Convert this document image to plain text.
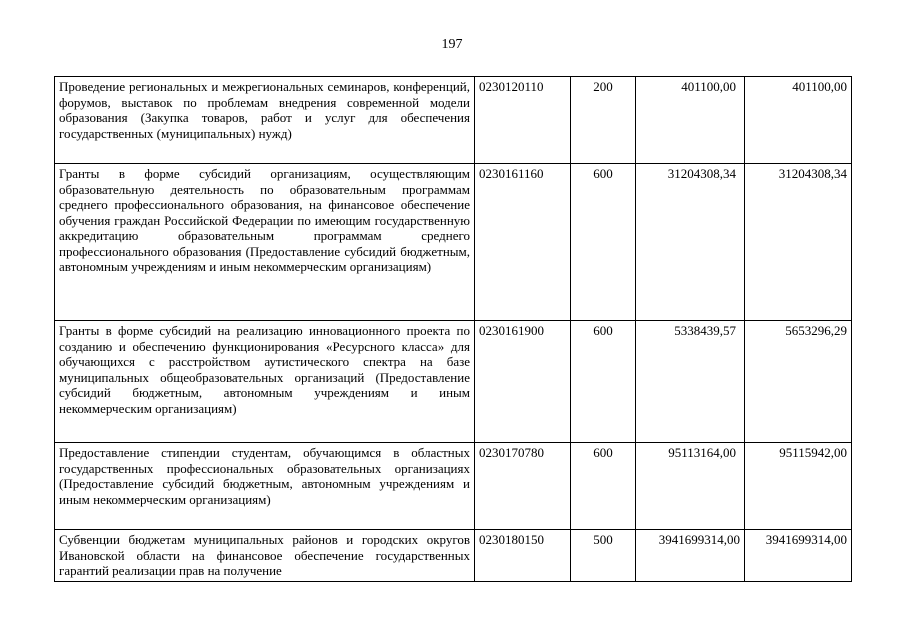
197
Проведение региональных и межрегиональных семинаров, конференций, форумов, выставок по проблемам внедрения современной модели образования (Закупка товаров, работ и услуг для обеспечения государственных (муниципальных) нужд)	0230120110	200	401100,00	401100,00
Гранты в форме субсидий организациям, осуществляющим образовательную деятельность по образовательным программам среднего профессионального образования, на финансовое обеспечение обучения граждан Российской Федерации по имеющим государственную аккредитацию образовательным программам среднего профессионального образования (Предоставление субсидий бюджетным, автономным учреждениям и иным некоммерческим организациям)	0230161160	600	31204308,34	31204308,34
Гранты в форме субсидий на реализацию инновационного проекта по созданию и обеспечению функционирования «Ресурсного класса» для обучающихся с расстройством аутистического спектра на базе муниципальных общеобразовательных организаций (Предоставление субсидий бюджетным, автономным учреждениям и иным некоммерческим организациям)	0230161900	600	5338439,57	5653296,29
Предоставление стипендии студентам, обучающимся в областных государственных профессиональных образовательных организациях (Предоставление субсидий бюджетным, автономным учреждениям и иным некоммерческим организациям)	0230170780	600	95113164,00	95115942,00
Субвенции бюджетам муниципальных районов и городских округов Ивановской области на финансовое обеспечение государственных гарантий реализации прав на получение	0230180150	500	3941699314,00	3941699314,00
